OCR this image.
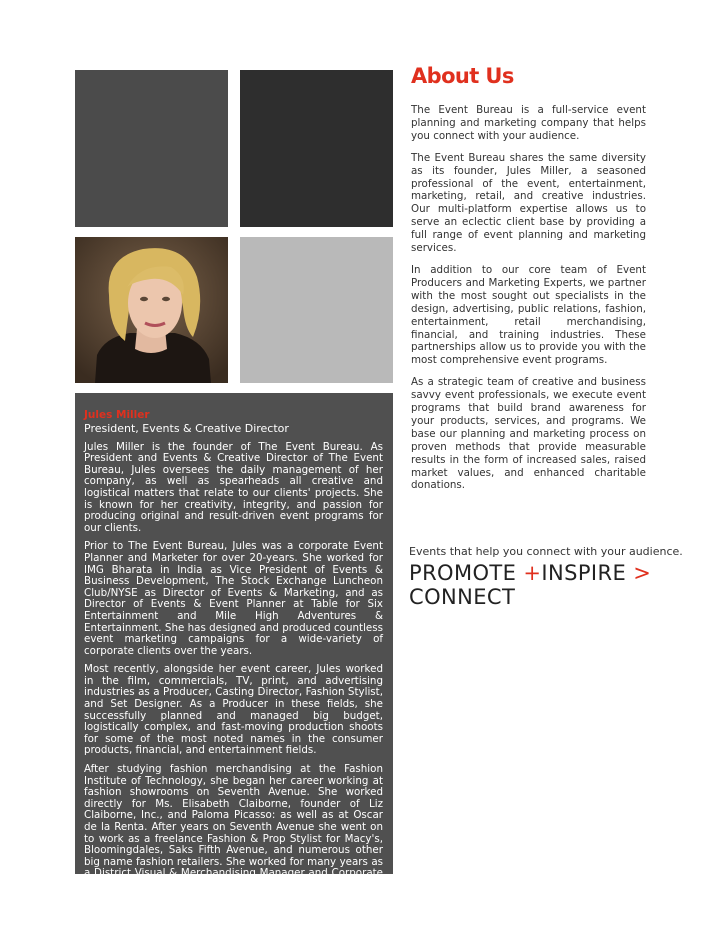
Jules Miller
President, Events & Creative Director

Jules Miller is the founder of The Event Bureau. As President and Events & Creative Director of The Event Bureau, Jules oversees the daily management of her company, as well as spearheads all creative and logistical matters that relate to our clients' projects. She is known for her creativity, integrity, and passion for producing original and result-driven event programs for our clients.

Prior to The Event Bureau, Jules was a corporate Event Planner and Marketer for over 20-years. She worked for IMG Bharata in India as Vice President of Events & Business Development, The Stock Exchange Luncheon Club/NYSE as Director of Events & Marketing, and as Director of Events & Event Planner at Table for Six Entertainment and Mile High Adventures & Entertainment. She has designed and produced countless event marketing campaigns for a wide-variety of corporate clients over the years.

Most recently, alongside her event career, Jules worked in the film, commercials, TV, print, and advertising industries as a Producer, Casting Director, Fashion Stylist, and Set Designer. As a Producer in these fields, she successfully planned and managed big budget, logistically complex, and fast-moving production shoots for some of the most noted names in the consumer products, financial, and entertainment fields.

After studying fashion merchandising at the Fashion Institute of Technology, she began her career working at fashion showrooms on Seventh Avenue. She worked directly for Ms. Elisabeth Claiborne, founder of Liz Claiborne, Inc., and Paloma Picasso: as well as at Oscar de la Renta. After years on Seventh Avenue she went on to work as a freelance Fashion & Prop Stylist for Macy's, Bloomingdales, Saks Fifth Avenue, and numerous other big name fashion retailers. She worked for many years as a District Visual & Merchandising Manager and Corporate Stylist at Gap, Inc., both in New York City and San Francisco.

About Us

The Event Bureau is a full-service event planning and marketing company that helps you connect with your audience.

The Event Bureau shares the same diversity as its founder, Jules Miller, a seasoned professional of the event, entertainment, marketing, retail, and creative industries. Our multi-platform expertise allows us to serve an eclectic client base by providing a full range of event planning and marketing services.

In addition to our core team of Event Producers and Marketing Experts, we partner with the most sought out specialists in the design, advertising, public relations, fashion, entertainment, retail merchandising, financial, and training industries. These partnerships allow us to provide you with the most comprehensive event programs.

As a strategic team of creative and business savvy event professionals, we execute event programs that build brand awareness for your products, services, and programs. We base our planning and marketing process on proven methods that provide measurable results in the form of increased sales, raised market values, and enhanced charitable donations.

Events that help you connect with your audience.
PROMOTE +INSPIRE >
CONNECT
